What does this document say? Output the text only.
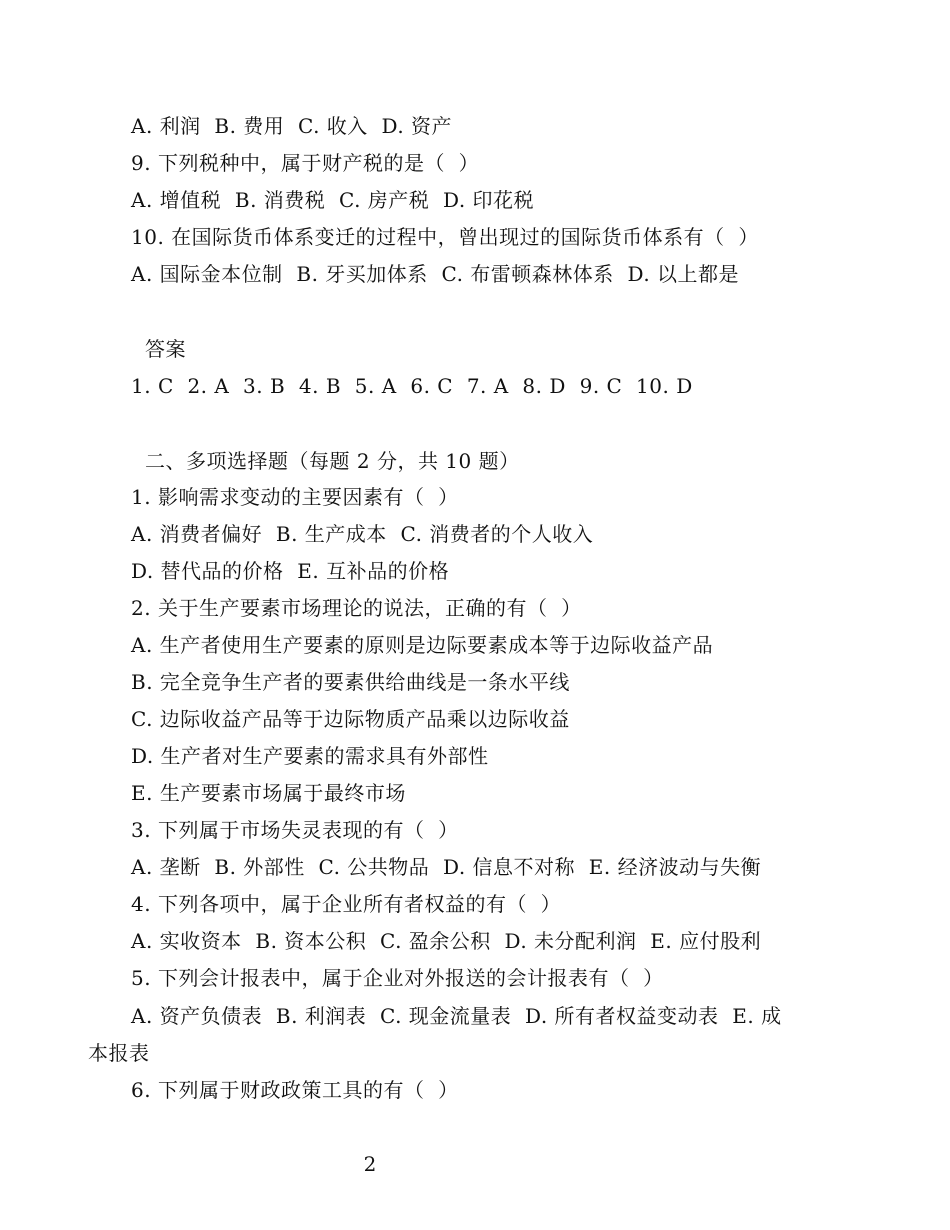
A. 利润  B. 费用  C. 收入  D. 资产
9. 下列税种中，属于财产税的是（  ）
A. 增值税  B. 消费税  C. 房产税  D. 印花税
10. 在国际货币体系变迁的过程中，曾出现过的国际货币体系有（  ）
A. 国际金本位制  B. 牙买加体系  C. 布雷顿森林体系  D. 以上都是
答案
1. C  2. A  3. B  4. B  5. A  6. C  7. A  8. D  9. C  10. D
二、多项选择题（每题 2 分，共 10 题）
1. 影响需求变动的主要因素有（  ）
A. 消费者偏好  B. 生产成本  C. 消费者的个人收入
D. 替代品的价格  E. 互补品的价格
2. 关于生产要素市场理论的说法，正确的有（  ）
A. 生产者使用生产要素的原则是边际要素成本等于边际收益产品
B. 完全竞争生产者的要素供给曲线是一条水平线
C. 边际收益产品等于边际物质产品乘以边际收益
D. 生产者对生产要素的需求具有外部性
E. 生产要素市场属于最终市场
3. 下列属于市场失灵表现的有（  ）
A. 垄断  B. 外部性  C. 公共物品  D. 信息不对称  E. 经济波动与失衡
4. 下列各项中，属于企业所有者权益的有（  ）
A. 实收资本  B. 资本公积  C. 盈余公积  D. 未分配利润  E. 应付股利
5. 下列会计报表中，属于企业对外报送的会计报表有（  ）
A. 资产负债表  B. 利润表  C. 现金流量表  D. 所有者权益变动表  E. 成
本报表
6. 下列属于财政政策工具的有（  ）
2
